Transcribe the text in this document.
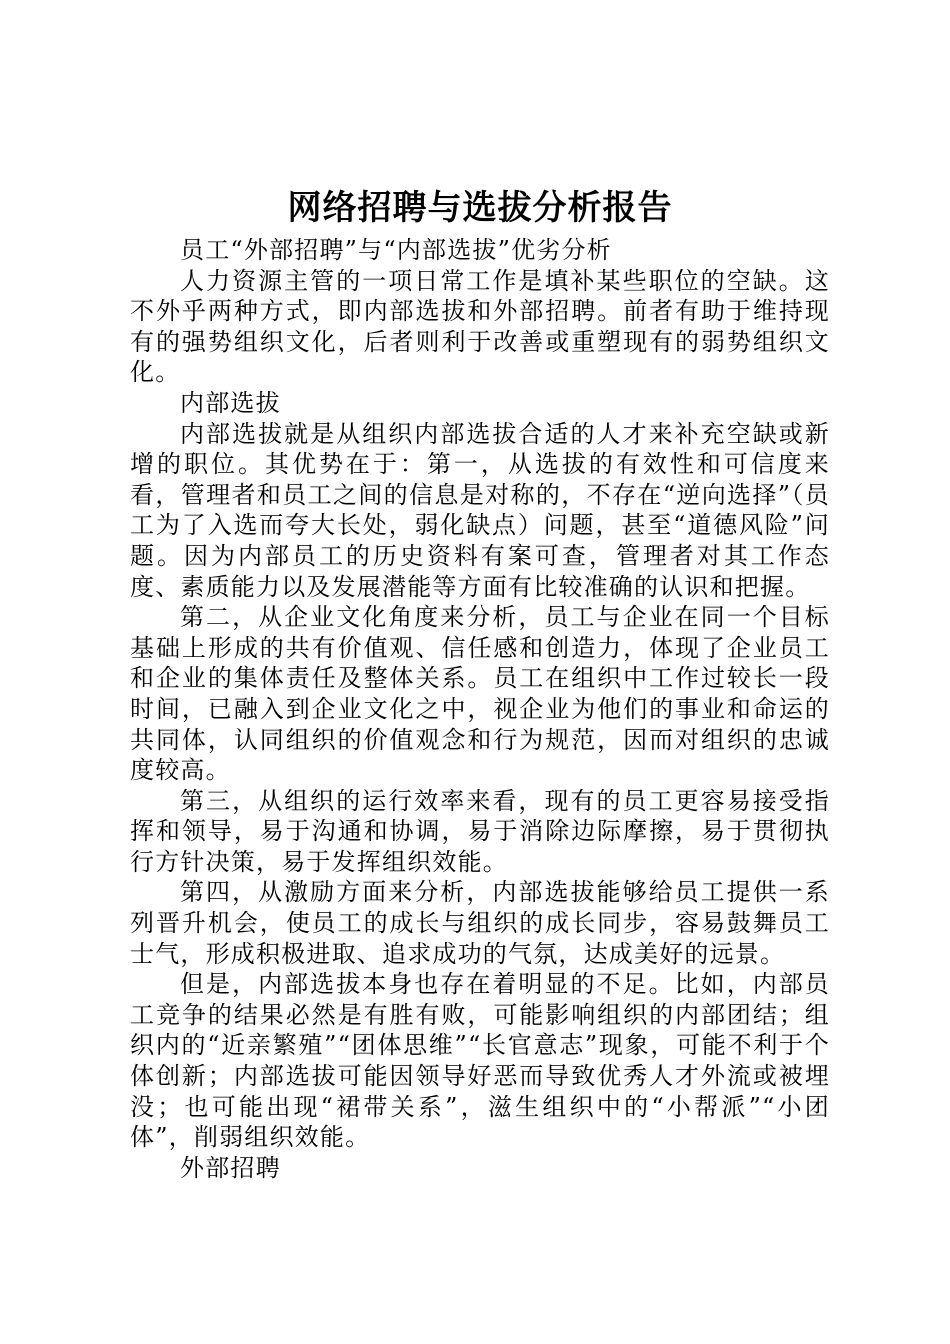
网络招聘与选拔分析报告

员工“外部招聘”与“内部选拔”优劣分析

人力资源主管的一项日常工作是填补某些职位的空缺。这不外乎两种方式，即内部选拔和外部招聘。前者有助于维持现有的强势组织文化，后者则利于改善或重塑现有的弱势组织文化。

内部选拔

内部选拔就是从组织内部选拔合适的人才来补充空缺或新增的职位。其优势在于：第一，从选拔的有效性和可信度来看，管理者和员工之间的信息是对称的，不存在“逆向选择”（员工为了入选而夸大长处，弱化缺点）问题，甚至“道德风险”问题。因为内部员工的历史资料有案可查，管理者对其工作态度、素质能力以及发展潜能等方面有比较准确的认识和把握。

第二，从企业文化角度来分析，员工与企业在同一个目标基础上形成的共有价值观、信任感和创造力，体现了企业员工和企业的集体责任及整体关系。员工在组织中工作过较长一段时间，已融入到企业文化之中，视企业为他们的事业和命运的共同体，认同组织的价值观念和行为规范，因而对组织的忠诚度较高。

第三，从组织的运行效率来看，现有的员工更容易接受指挥和领导，易于沟通和协调，易于消除边际摩擦，易于贯彻执行方针决策，易于发挥组织效能。

第四，从激励方面来分析，内部选拔能够给员工提供一系列晋升机会，使员工的成长与组织的成长同步，容易鼓舞员工士气，形成积极进取、追求成功的气氛，达成美好的远景。

但是，内部选拔本身也存在着明显的不足。比如，内部员工竞争的结果必然是有胜有败，可能影响组织的内部团结；组织内的“近亲繁殖”“团体思维”“长官意志”现象，可能不利于个体创新；内部选拔可能因领导好恶而导致优秀人才外流或被埋没；也可能出现“裙带关系”，滋生组织中的“小帮派”“小团体”，削弱组织效能。

外部招聘
